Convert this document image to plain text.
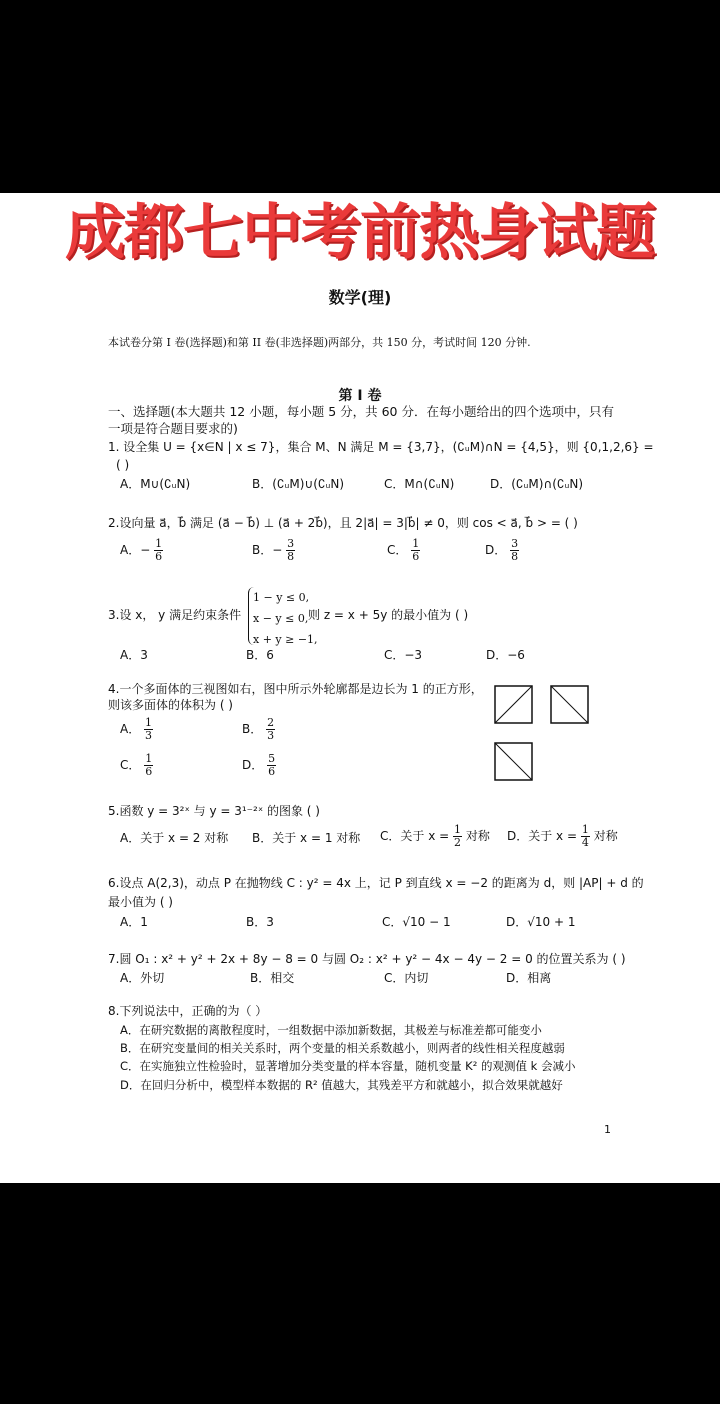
成都七中考前热身试题
数学(理)
本试卷分第 I 卷(选择题)和第 II 卷(非选择题)两部分，共 150 分，考试时间 120 分钟.
第 I 卷
一、选择题(本大题共 12 小题，每小题 5 分，共 60 分．在每小题给出的四个选项中，只有
一项是符合题目要求的)
1. 设全集 U = {x∈N | x ≤ 7}，集合 M、N 满足 M = {3,7}，(∁ᵤM)∩N = {4,5}，则 {0,1,2,6} =
( )
A．M∪(∁ᵤN)	B．(∁ᵤM)∪(∁ᵤN)	C．M∩(∁ᵤN)	D．(∁ᵤM)∩(∁ᵤN)
2.设向量 a⃗，b⃗ 满足 (a⃗ − b⃗) ⊥ (a⃗ + 2b⃗)，且 2|a⃗| = 3|b⃗| ≠ 0，则 cos < a⃗, b⃗ > = ( )
A．− $\frac{1}{6}$	B．− $\frac{3}{8}$	C． $\frac{1}{6}$	D． $\frac{3}{8}$
3.设 x， y 满足约束条件
1 − y ≤ 0,
x − y ≤ 0,
x + y ≥ −1,
则 z = x + 5y 的最小值为 ( )
A．3	B．6	C．−3	D．−6
4.一个多面体的三视图如右，图中所示外轮廓都是边长为 1 的正方形，
则该多面体的体积为 ( )
A． $\frac{1}{3}$	B． $\frac{2}{3}$
C． $\frac{1}{6}$	D． $\frac{5}{6}$
5.函数 y = 3²ˣ 与 y = 3¹⁻²ˣ 的图象 ( )
A．关于 x = 2 对称 B．关于 x = 1 对称 C．关于 $x = \frac{1}{2}$ 对称 D．关于 $x = \frac{1}{4}$ 对称
6.设点 A(2,3)，动点 P 在抛物线 C : y² = 4x 上，记 P 到直线 x = −2 的距离为 d，则 |AP| + d 的
最小值为 ( )
A．1	B．3	C．√10 − 1	D．√10 + 1
7.圆 O₁ : x² + y² + 2x + 8y − 8 = 0 与圆 O₂ : x² + y² − 4x − 4y − 2 = 0 的位置关系为 ( )
A．外切	B．相交	C．内切	D．相离
8.下列说法中，正确的为（ ）
A．在研究数据的离散程度时，一组数据中添加新数据，其极差与标准差都可能变小
B．在研究变量间的相关关系时，两个变量的相关系数越小，则两者的线性相关程度越弱
C．在实施独立性检验时，显著增加分类变量的样本容量，随机变量 K² 的观测值 k 会减小
D．在回归分析中，模型样本数据的 R² 值越大，其残差平方和就越小，拟合效果就越好
1
